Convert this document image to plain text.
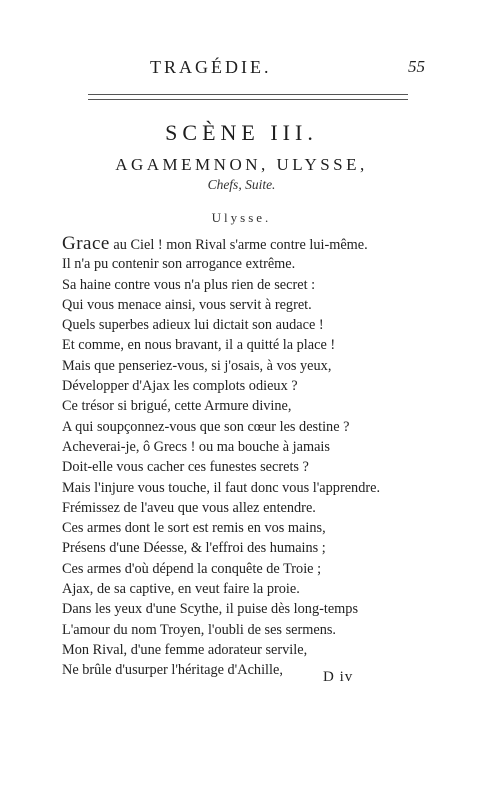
TRAGÉDIE.	55
SCÈNE III.
AGAMEMNON, ULYSSE,
Chefs, Suite.
Ulysse.
Grace au Ciel ! mon Rival s'arme contre lui-même.
Il n'a pu contenir son arrogance extrême.
Sa haine contre vous n'a plus rien de secret :
Qui vous menace ainsi, vous servit à regret.
Quels superbes adieux lui dictait son audace !
Et comme, en nous bravant, il a quitté la place !
Mais que penseriez-vous, si j'osais, à vos yeux,
Développer d'Ajax les complots odieux ?
Ce trésor si brigué, cette Armure divine,
A qui soupçonnez-vous que son cœur les destine ?
Acheverai-je, ô Grecs ! ou ma bouche à jamais
Doit-elle vous cacher ces funestes secrets ?
Mais l'injure vous touche, il faut donc vous l'apprendre.
Frémissez de l'aveu que vous allez entendre.
Ces armes dont le sort est remis en vos mains,
Présens d'une Déesse, & l'effroi des humains ;
Ces armes d'où dépend la conquête de Troie ;
Ajax, de sa captive, en veut faire la proie.
Dans les yeux d'une Scythe, il puise dès long-temps
L'amour du nom Troyen, l'oubli de ses sermens.
Mon Rival, d'une femme adorateur servile,
Ne brûle d'usurper l'héritage d'Achille,	D iv
